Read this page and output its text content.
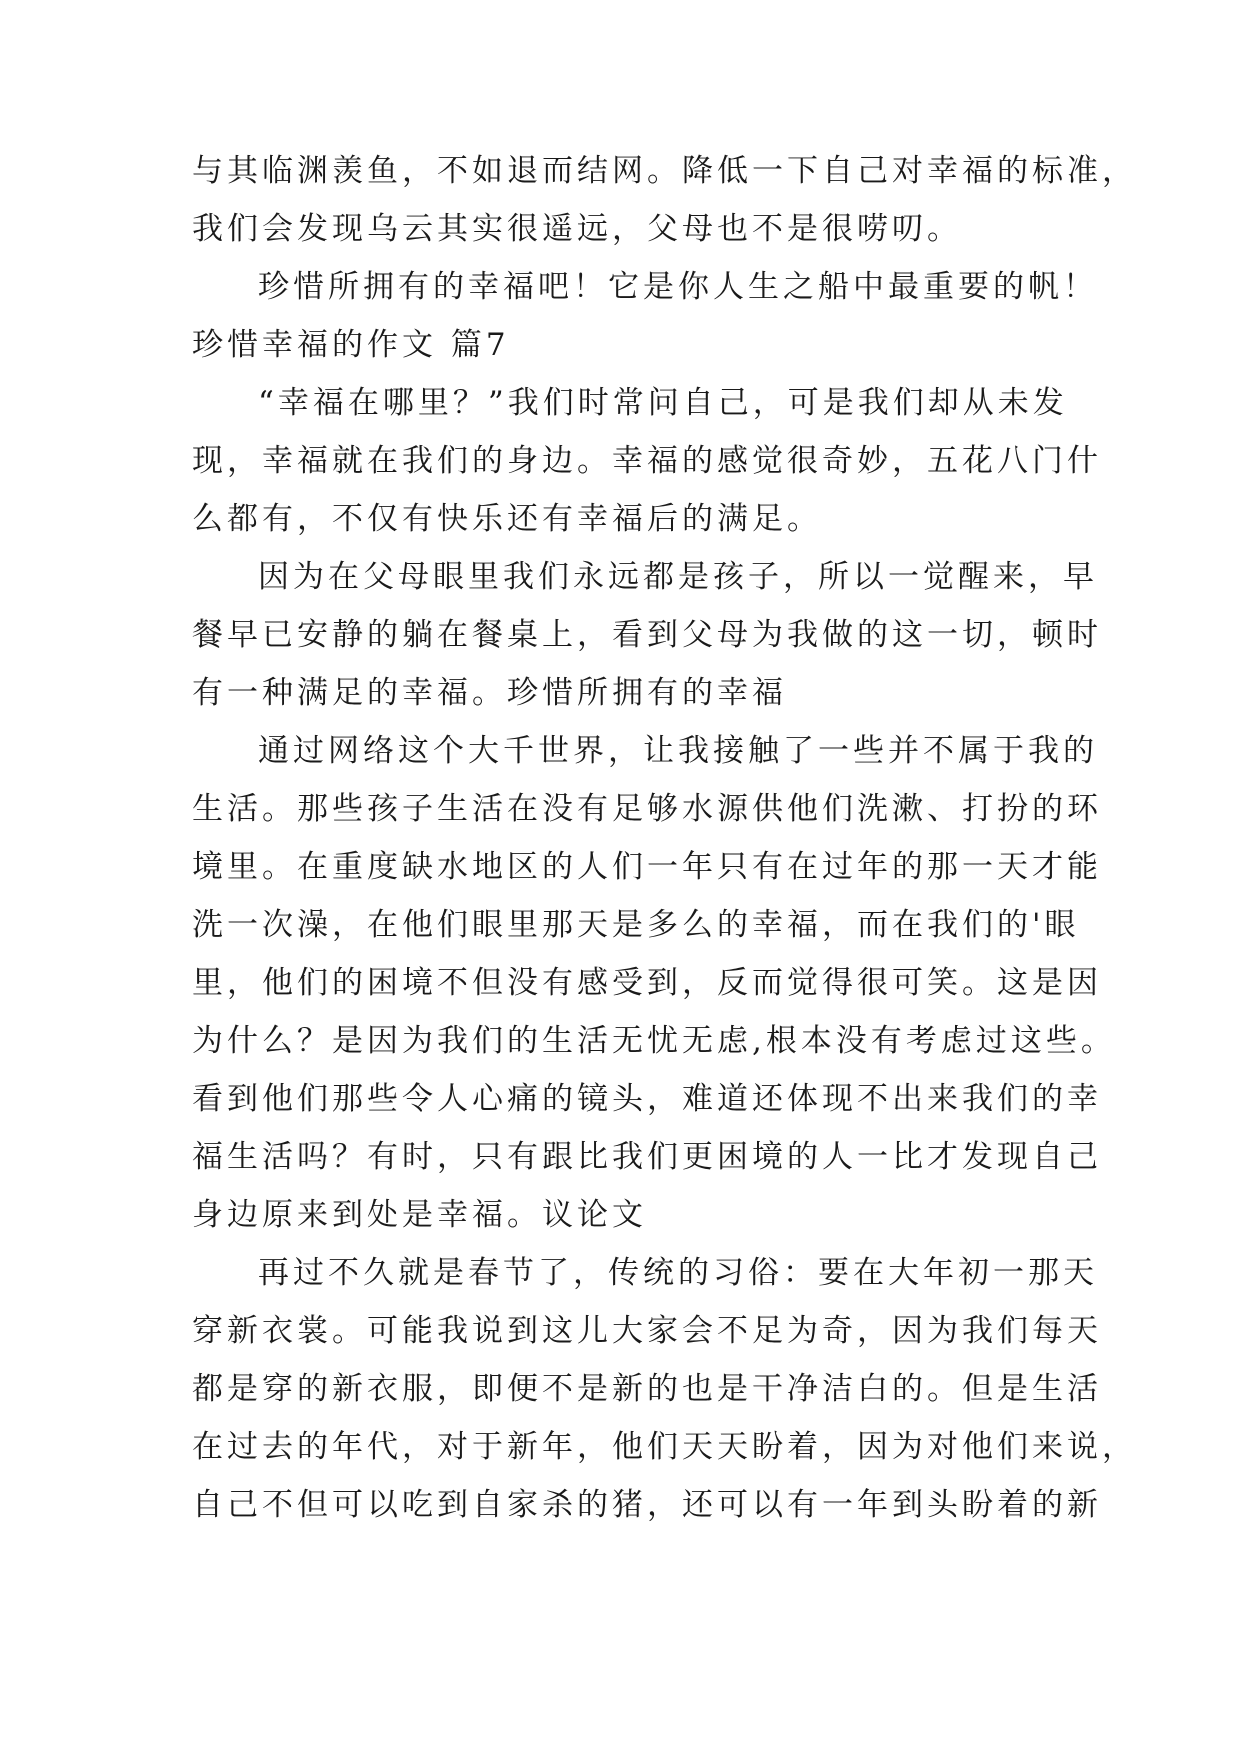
与其临渊羡鱼，不如退而结网。降低一下自己对幸福的标准，
我们会发现乌云其实很遥远，父母也不是很唠叨。
珍惜所拥有的幸福吧！它是你人生之船中最重要的帆！
珍惜幸福的作文 篇7
“幸福在哪里？”我们时常问自己，可是我们却从未发
现，幸福就在我们的身边。幸福的感觉很奇妙，五花八门什
么都有，不仅有快乐还有幸福后的满足。
因为在父母眼里我们永远都是孩子，所以一觉醒来，早
餐早已安静的躺在餐桌上，看到父母为我做的这一切，顿时
有一种满足的幸福。珍惜所拥有的幸福
通过网络这个大千世界，让我接触了一些并不属于我的
生活。那些孩子生活在没有足够水源供他们洗漱、打扮的环
境里。在重度缺水地区的人们一年只有在过年的那一天才能
洗一次澡，在他们眼里那天是多么的幸福，而在我们的'眼
里，他们的困境不但没有感受到，反而觉得很可笑。这是因
为什么？是因为我们的生活无忧无虑,根本没有考虑过这些。
看到他们那些令人心痛的镜头，难道还体现不出来我们的幸
福生活吗？有时，只有跟比我们更困境的人一比才发现自己
身边原来到处是幸福。议论文
再过不久就是春节了，传统的习俗：要在大年初一那天
穿新衣裳。可能我说到这儿大家会不足为奇，因为我们每天
都是穿的新衣服，即便不是新的也是干净洁白的。但是生活
在过去的年代，对于新年，他们天天盼着，因为对他们来说，
自己不但可以吃到自家杀的猪，还可以有一年到头盼着的新
